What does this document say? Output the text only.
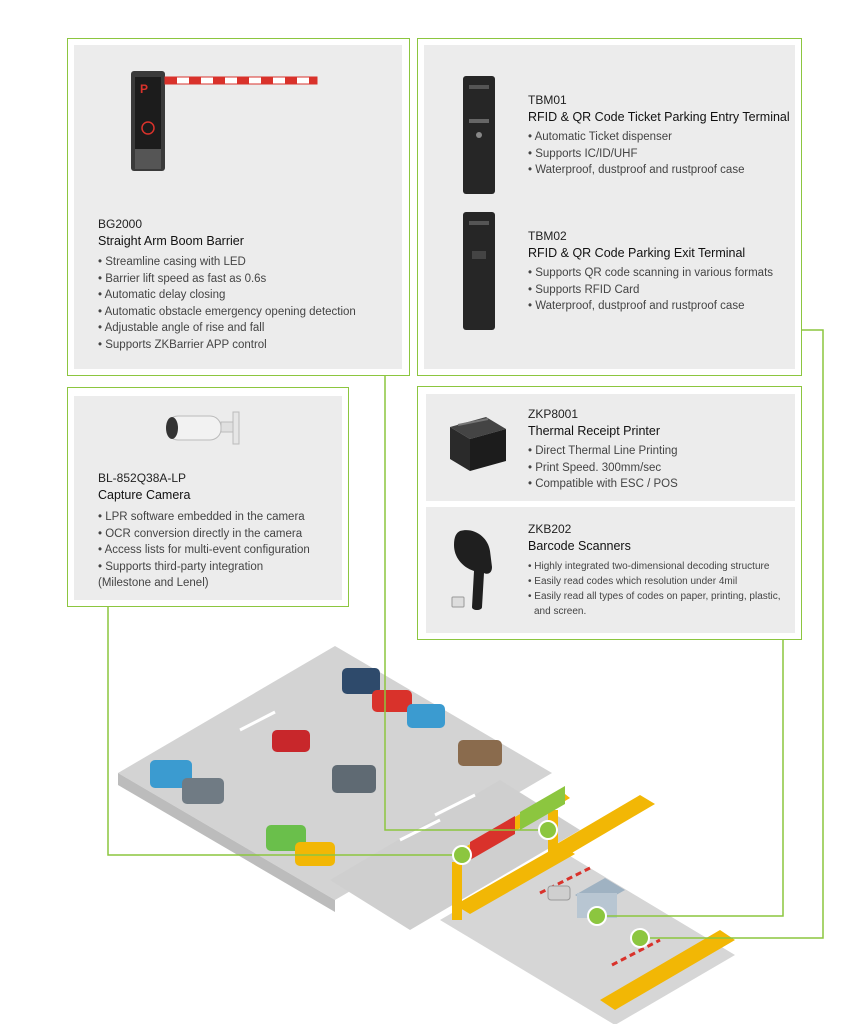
P
BG2000
Straight Arm Boom Barrier
• Streamline casing with LED
• Barrier lift speed as fast as 0.6s
• Automatic delay closing
• Automatic obstacle emergency opening detection
• Adjustable angle of rise and fall
• Supports ZKBarrier APP control
BL-852Q38A-LP
Capture Camera
• LPR software embedded in the camera
• OCR conversion directly in the camera
• Access lists for multi-event configuration
• Supports third-party integration
(Milestone and Lenel)
TBM01
RFID & QR Code Ticket Parking Entry Terminal
• Automatic Ticket dispenser
• Supports IC/ID/UHF
• Waterproof, dustproof and rustproof case
TBM02
RFID & QR Code Parking Exit Terminal
• Supports QR code scanning in various formats
• Supports RFID Card
• Waterproof, dustproof and rustproof case
ZKP8001
Thermal Receipt Printer
• Direct Thermal Line Printing
• Print Speed. 300mm/sec
• Compatible with ESC / POS
ZKB202
Barcode Scanners
• Highly integrated two-dimensional decoding structure
• Easily read codes which resolution under 4mil
• Easily read all types of codes on paper, printing, plastic,
and screen.
